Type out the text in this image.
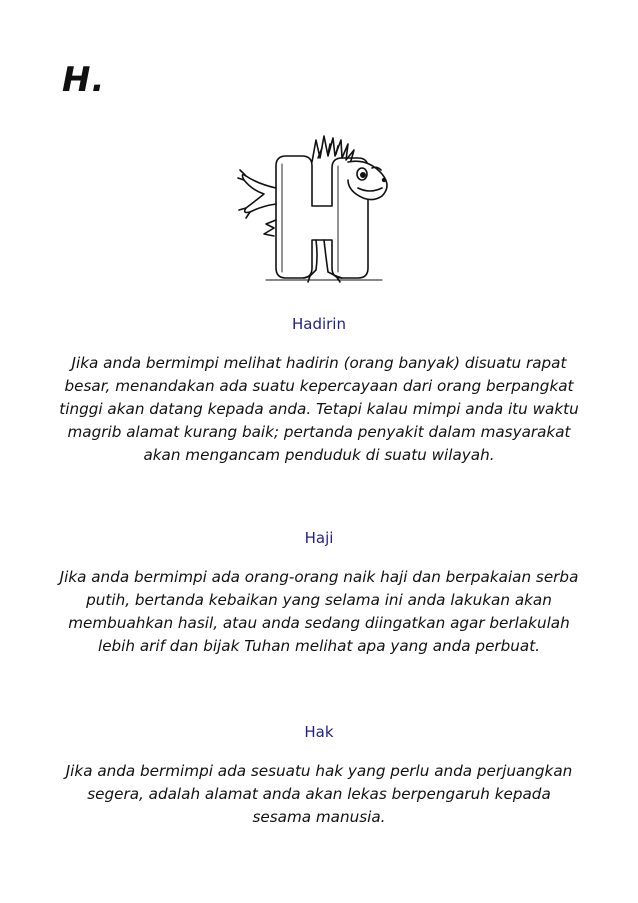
H.
Hadirin

Jika anda bermimpi melihat hadirin (orang banyak) disuatu rapat besar, menandakan ada suatu kepercayaan dari orang berpangkat tinggi akan datang kepada anda. Tetapi kalau mimpi anda itu waktu magrib alamat kurang baik; pertanda penyakit dalam masyarakat akan mengancam penduduk di suatu wilayah.

Haji

Jika anda bermimpi ada orang-orang naik haji dan berpakaian serba putih, bertanda kebaikan yang selama ini anda lakukan akan membuahkan hasil, atau anda sedang diingatkan agar berlakulah lebih arif dan bijak Tuhan melihat apa yang anda perbuat.

Hak

Jika anda bermimpi ada sesuatu hak yang perlu anda perjuangkan segera, adalah alamat anda akan lekas berpengaruh kepada sesama manusia.
